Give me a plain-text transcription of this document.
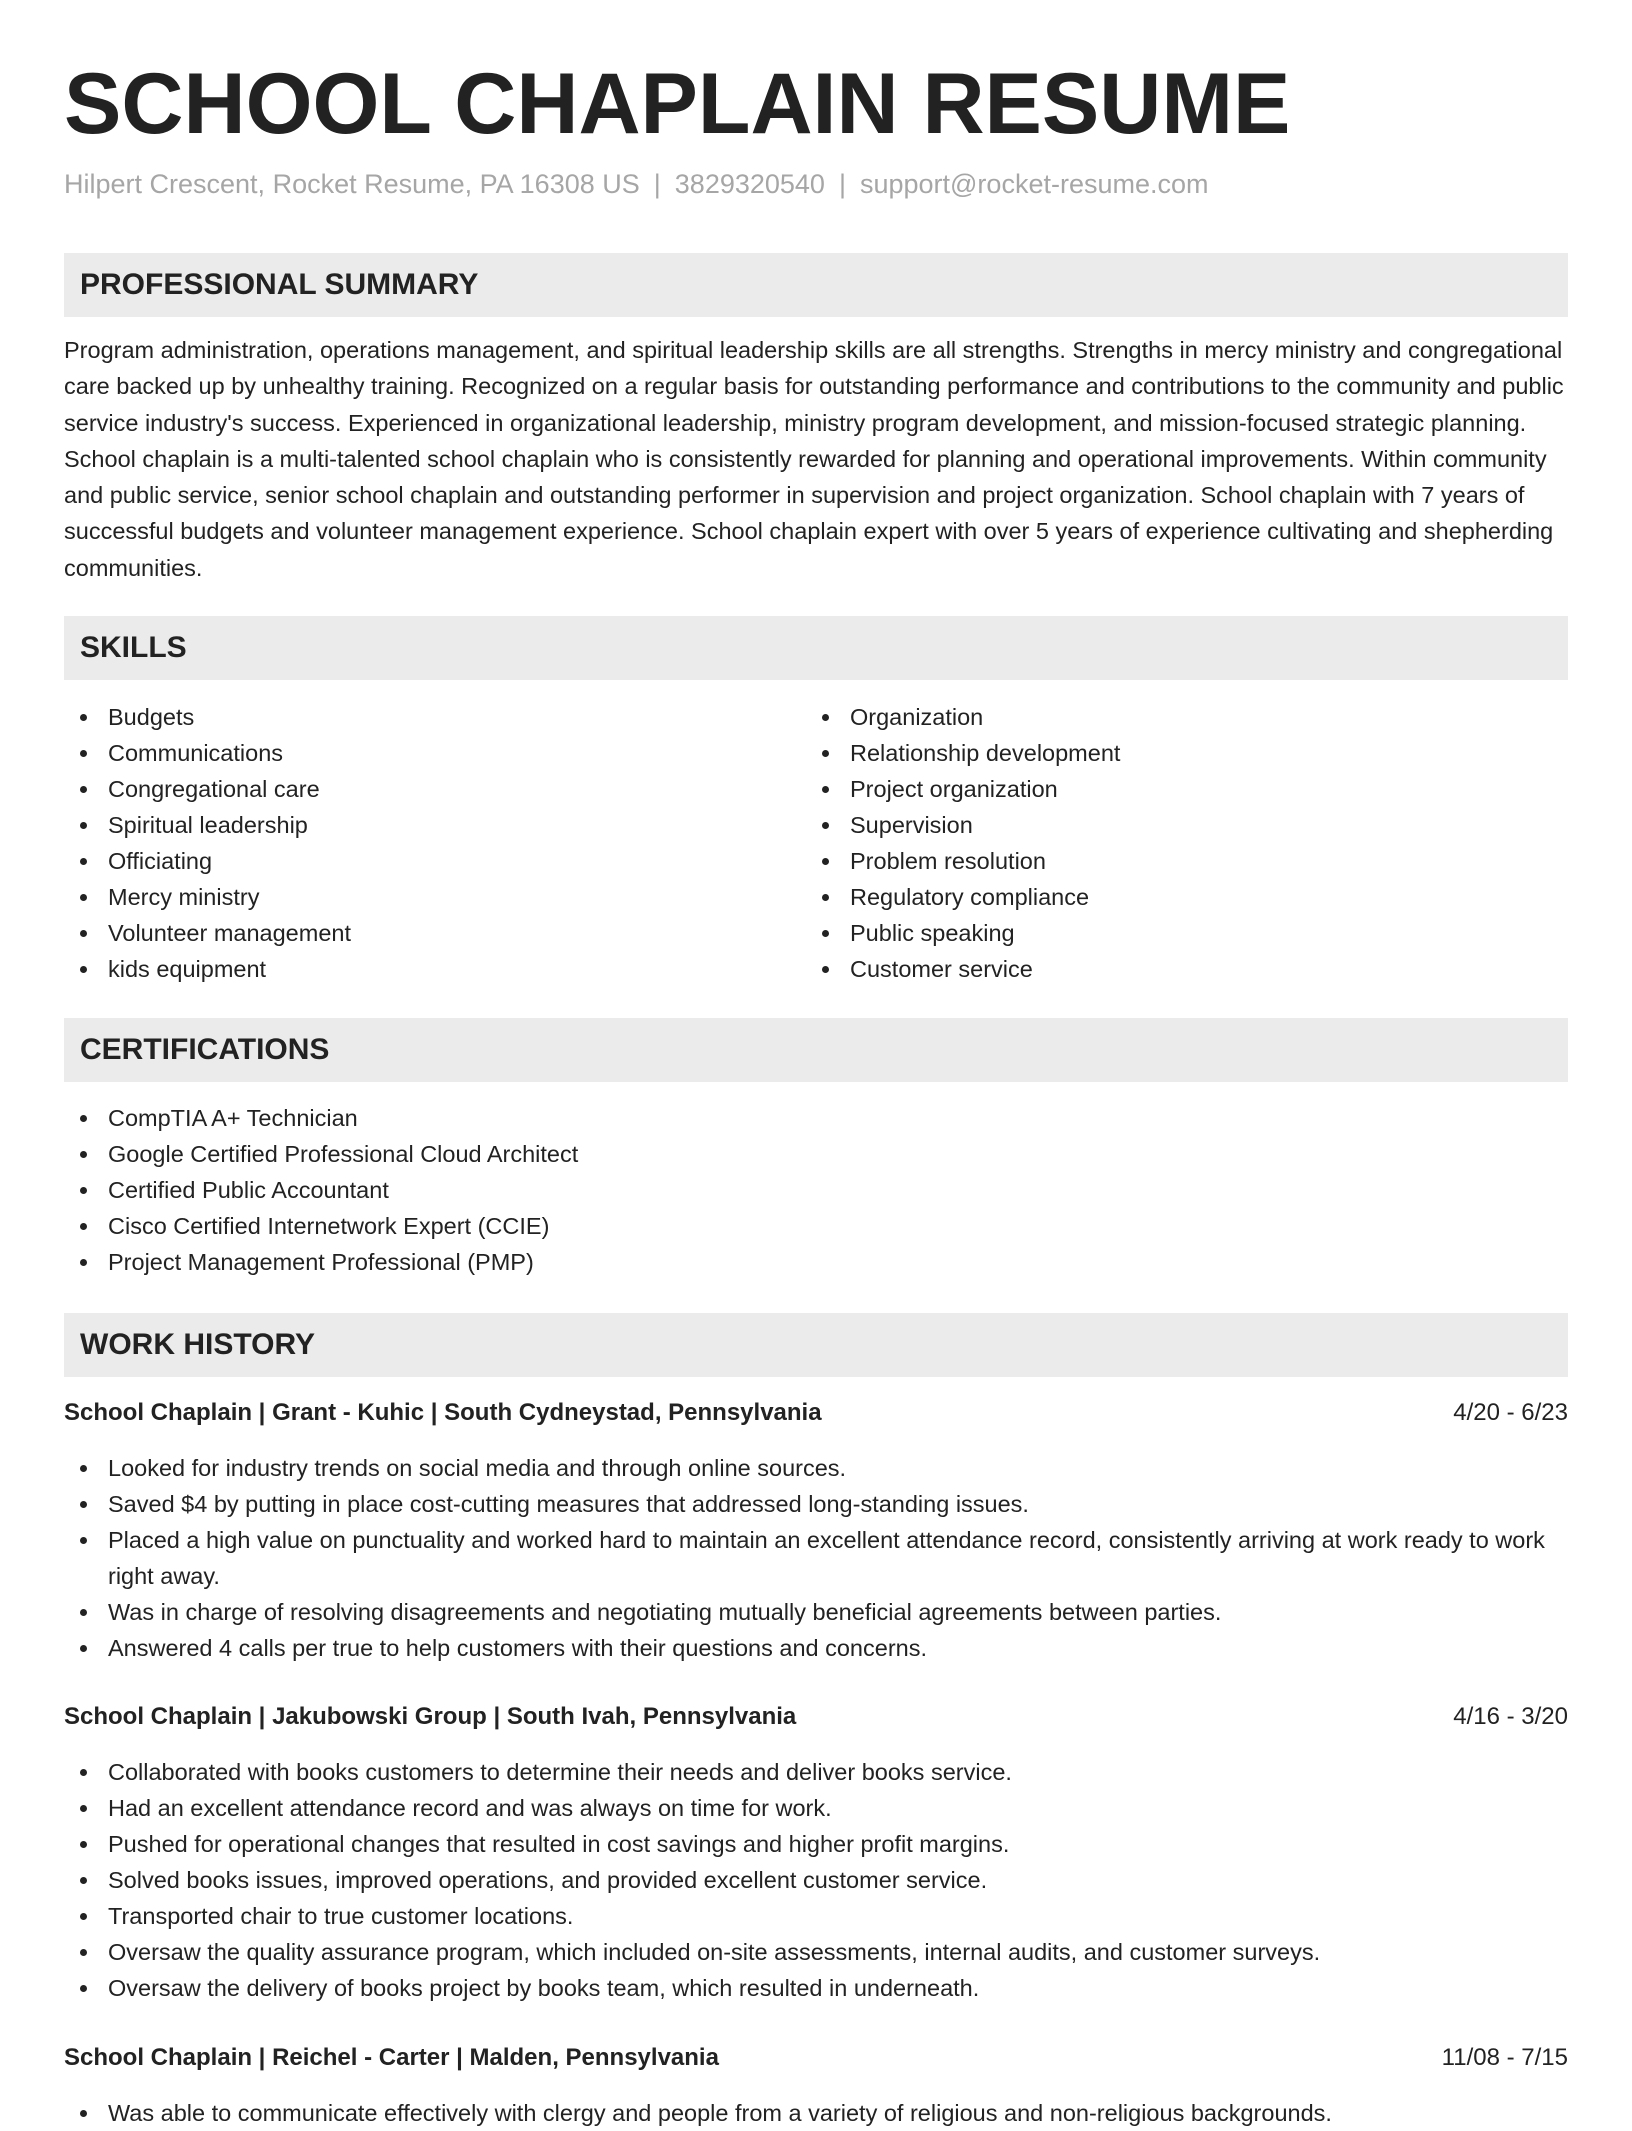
SCHOOL CHAPLAIN RESUME
Hilpert Crescent, Rocket Resume, PA 16308 US | 3829320540 | support@rocket-resume.com
PROFESSIONAL SUMMARY

Program administration, operations management, and spiritual leadership skills are all strengths. Strengths in mercy ministry and congregational care backed up by unhealthy training. Recognized on a regular basis for outstanding performance and contributions to the community and public service industry's success. Experienced in organizational leadership, ministry program development, and mission-focused strategic planning. School chaplain is a multi-talented school chaplain who is consistently rewarded for planning and operational improvements. Within community and public service, senior school chaplain and outstanding performer in supervision and project organization. School chaplain with 7 years of successful budgets and volunteer management experience. School chaplain expert with over 5 years of experience cultivating and shepherding communities.

SKILLS
Budgets
Communications
Congregational care
Spiritual leadership
Officiating
Mercy ministry
Volunteer management
kids equipment
Organization
Relationship development
Project organization
Supervision
Problem resolution
Regulatory compliance
Public speaking
Customer service
CERTIFICATIONS
CompTIA A+ Technician
Google Certified Professional Cloud Architect
Certified Public Accountant
Cisco Certified Internetwork Expert (CCIE)
Project Management Professional (PMP)
WORK HISTORY
School Chaplain | Grant - Kuhic | South Cydneystad, Pennsylvania	4/20 - 6/23
Looked for industry trends on social media and through online sources.
Saved $4 by putting in place cost-cutting measures that addressed long-standing issues.
Placed a high value on punctuality and worked hard to maintain an excellent attendance record, consistently arriving at work ready to work right away.
Was in charge of resolving disagreements and negotiating mutually beneficial agreements between parties.
Answered 4 calls per true to help customers with their questions and concerns.
School Chaplain | Jakubowski Group | South Ivah, Pennsylvania	4/16 - 3/20
Collaborated with books customers to determine their needs and deliver books service.
Had an excellent attendance record and was always on time for work.
Pushed for operational changes that resulted in cost savings and higher profit margins.
Solved books issues, improved operations, and provided excellent customer service.
Transported chair to true customer locations.
Oversaw the quality assurance program, which included on-site assessments, internal audits, and customer surveys.
Oversaw the delivery of books project by books team, which resulted in underneath.
School Chaplain | Reichel - Carter | Malden, Pennsylvania	11/08 - 7/15
Was able to communicate effectively with clergy and people from a variety of religious and non-religious backgrounds.
